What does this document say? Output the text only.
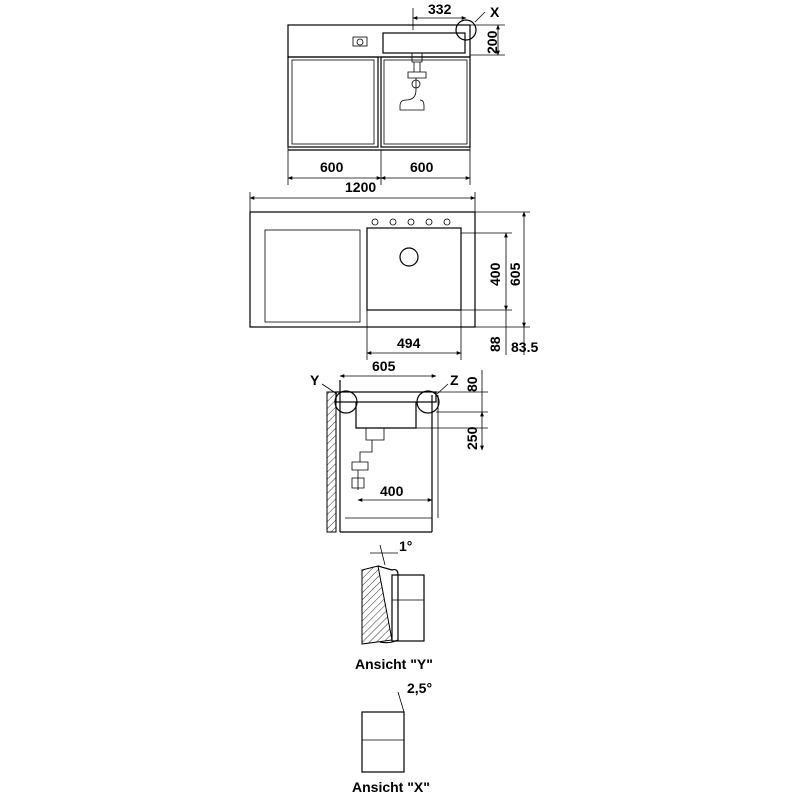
X
332
200
600	600
1200
400 605
88 83.5
494
Y	Z
605
80
250
400
1°
Ansicht "Y"
2,5°
Ansicht "X"
